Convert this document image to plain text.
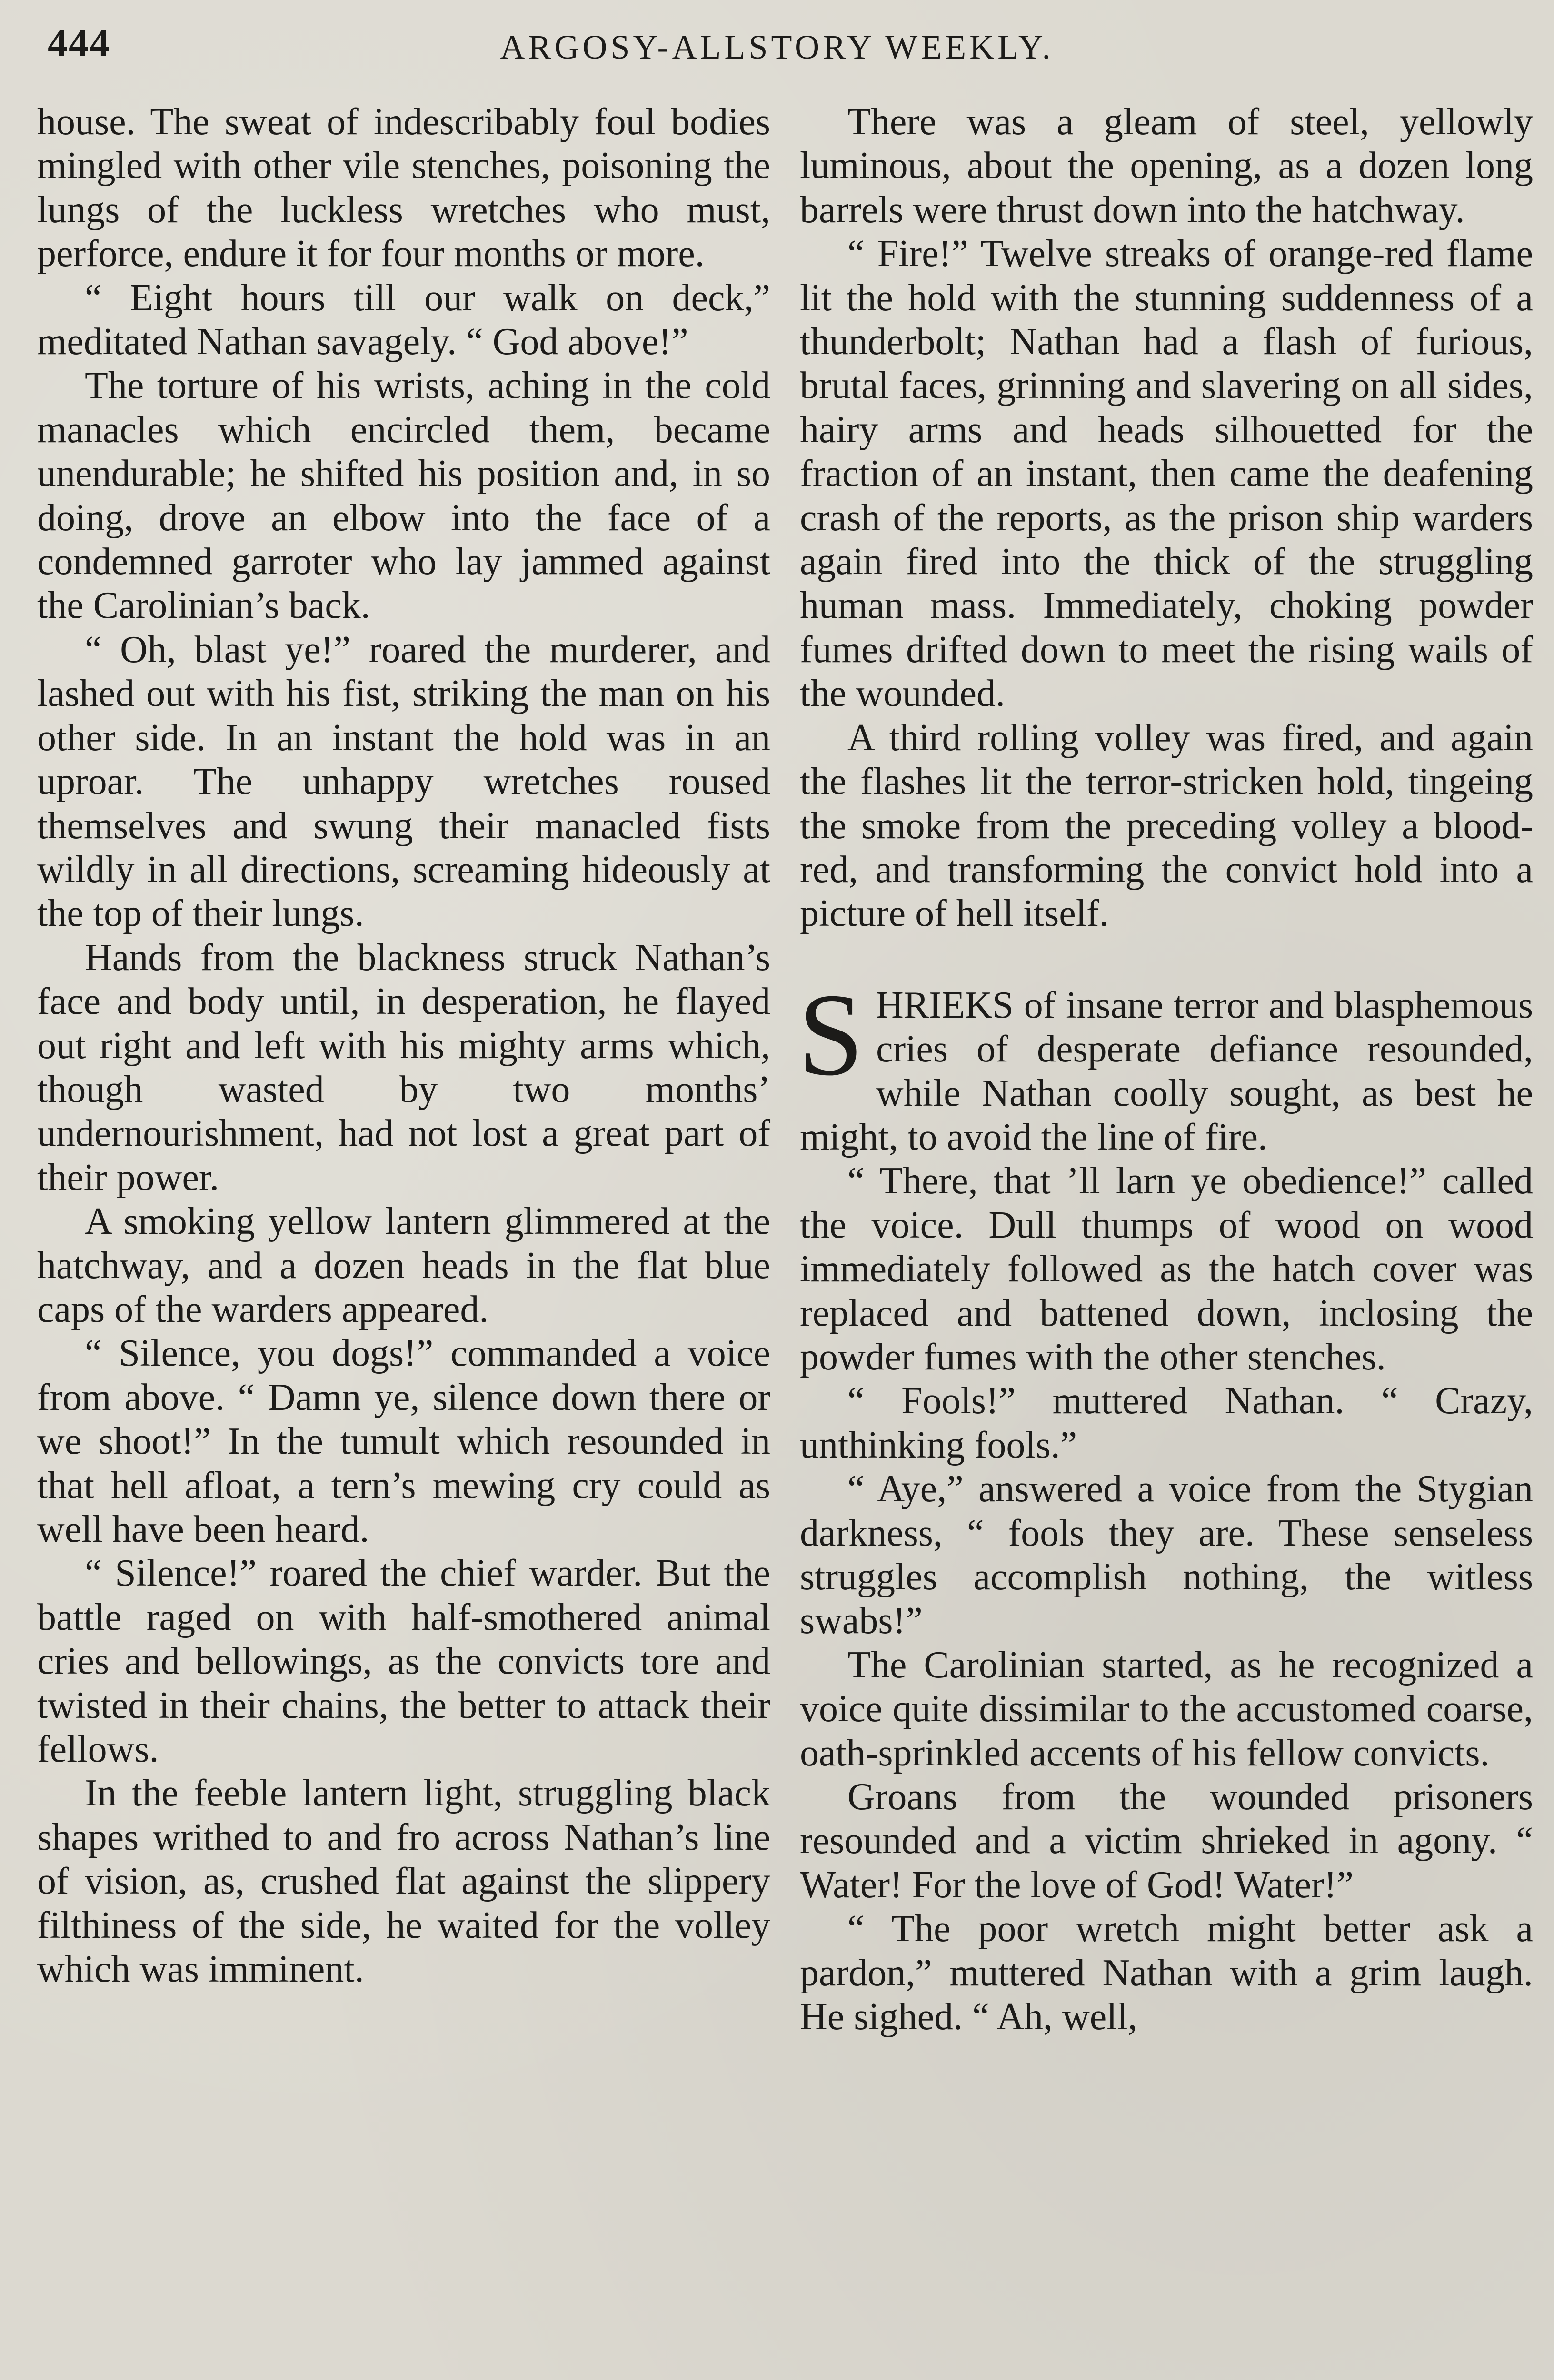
444	ARGOSY-ALLSTORY WEEKLY.

house. The sweat of indescribably foul bodies mingled with other vile stenches, poisoning the lungs of the luckless wretches who must, perforce, endure it for four months or more.

“ Eight hours till our walk on deck,” meditated Nathan savagely. “ God above!”

The torture of his wrists, aching in the cold manacles which encircled them, became unendurable; he shifted his position and, in so doing, drove an elbow into the face of a condemned garroter who lay jammed against the Carolinian’s back.

“ Oh, blast ye!” roared the murderer, and lashed out with his fist, striking the man on his other side. In an instant the hold was in an uproar. The unhappy wretches roused themselves and swung their manacled fists wildly in all directions, screaming hideously at the top of their lungs.

Hands from the blackness struck Nathan’s face and body until, in desperation, he flayed out right and left with his mighty arms which, though wasted by two months’ undernourishment, had not lost a great part of their power.

A smoking yellow lantern glimmered at the hatchway, and a dozen heads in the flat blue caps of the warders appeared.

“ Silence, you dogs!” commanded a voice from above. “ Damn ye, silence down there or we shoot!” In the tumult which resounded in that hell afloat, a tern’s mewing cry could as well have been heard.

“ Silence!” roared the chief warder. But the battle raged on with half-smothered animal cries and bellowings, as the convicts tore and twisted in their chains, the better to attack their fellows.

In the feeble lantern light, struggling black shapes writhed to and fro across Nathan’s line of vision, as, crushed flat against the slippery filthiness of the side, he waited for the volley which was imminent.

There was a gleam of steel, yellowly luminous, about the opening, as a dozen long barrels were thrust down into the hatchway.

“ Fire!” Twelve streaks of orange-red flame lit the hold with the stunning suddenness of a thunderbolt; Nathan had a flash of furious, brutal faces, grinning and slavering on all sides, hairy arms and heads silhouetted for the fraction of an instant, then came the deafening crash of the reports, as the prison ship warders again fired into the thick of the struggling human mass. Immediately, choking powder fumes drifted down to meet the rising wails of the wounded.

A third rolling volley was fired, and again the flashes lit the terror-stricken hold, tingeing the smoke from the preceding volley a blood-red, and transforming the convict hold into a picture of hell itself.

SHRIEKS of insane terror and blasphemous cries of desperate defiance resounded, while Nathan coolly sought, as best he might, to avoid the line of fire.

“ There, that ’ll larn ye obedience!” called the voice. Dull thumps of wood on wood immediately followed as the hatch cover was replaced and battened down, inclosing the powder fumes with the other stenches.

“ Fools!” muttered Nathan. “ Crazy, unthinking fools.”

“ Aye,” answered a voice from the Stygian darkness, “ fools they are. These senseless struggles accomplish nothing, the witless swabs!”

The Carolinian started, as he recognized a voice quite dissimilar to the accustomed coarse, oath-sprinkled accents of his fellow convicts.

Groans from the wounded prisoners resounded and a victim shrieked in agony. “ Water! For the love of God! Water!”

“ The poor wretch might better ask a pardon,” muttered Nathan with a grim laugh. He sighed. “ Ah, well,
